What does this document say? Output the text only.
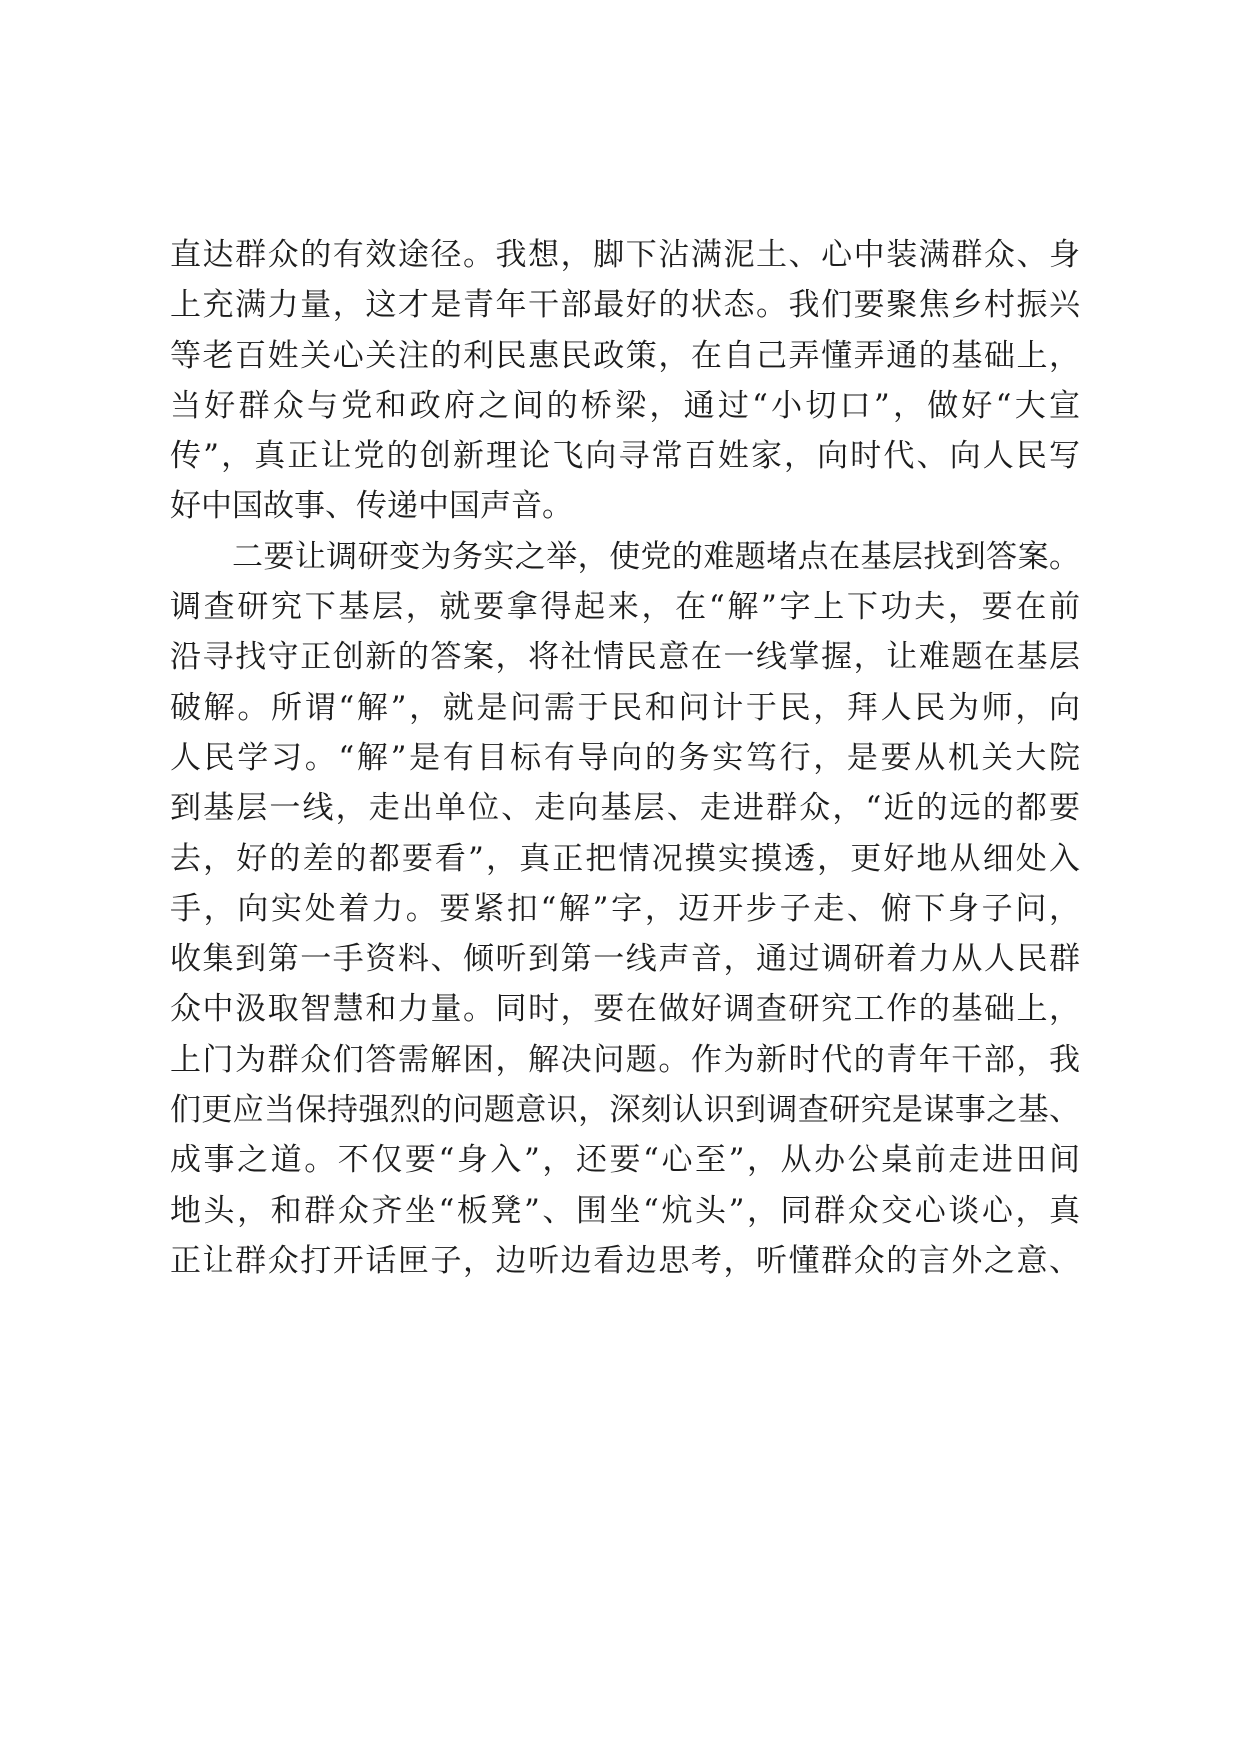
直达群众的有效途径。我想，脚下沾满泥土、心中装满群众、身
上充满力量，这才是青年干部最好的状态。我们要聚焦乡村振兴
等老百姓关心关注的利民惠民政策，在自己弄懂弄通的基础上，
当好群众与党和政府之间的桥梁，通过“小切口”，做好“大宣
传”，真正让党的创新理论飞向寻常百姓家，向时代、向人民写
好中国故事、传递中国声音。
二要让调研变为务实之举，使党的难题堵点在基层找到答案。
调查研究下基层，就要拿得起来，在“解”字上下功夫，要在前
沿寻找守正创新的答案，将社情民意在一线掌握，让难题在基层
破解。所谓“解”，就是问需于民和问计于民，拜人民为师，向
人民学习。“解”是有目标有导向的务实笃行，是要从机关大院
到基层一线，走出单位、走向基层、走进群众，“近的远的都要
去，好的差的都要看”，真正把情况摸实摸透，更好地从细处入
手，向实处着力。要紧扣“解”字，迈开步子走、俯下身子问，
收集到第一手资料、倾听到第一线声音，通过调研着力从人民群
众中汲取智慧和力量。同时，要在做好调查研究工作的基础上，
上门为群众们答需解困，解决问题。作为新时代的青年干部，我
们更应当保持强烈的问题意识，深刻认识到调查研究是谋事之基、
成事之道。不仅要“身入”，还要“心至”，从办公桌前走进田间
地头，和群众齐坐“板凳”、围坐“炕头”，同群众交心谈心，真
正让群众打开话匣子，边听边看边思考，听懂群众的言外之意、
